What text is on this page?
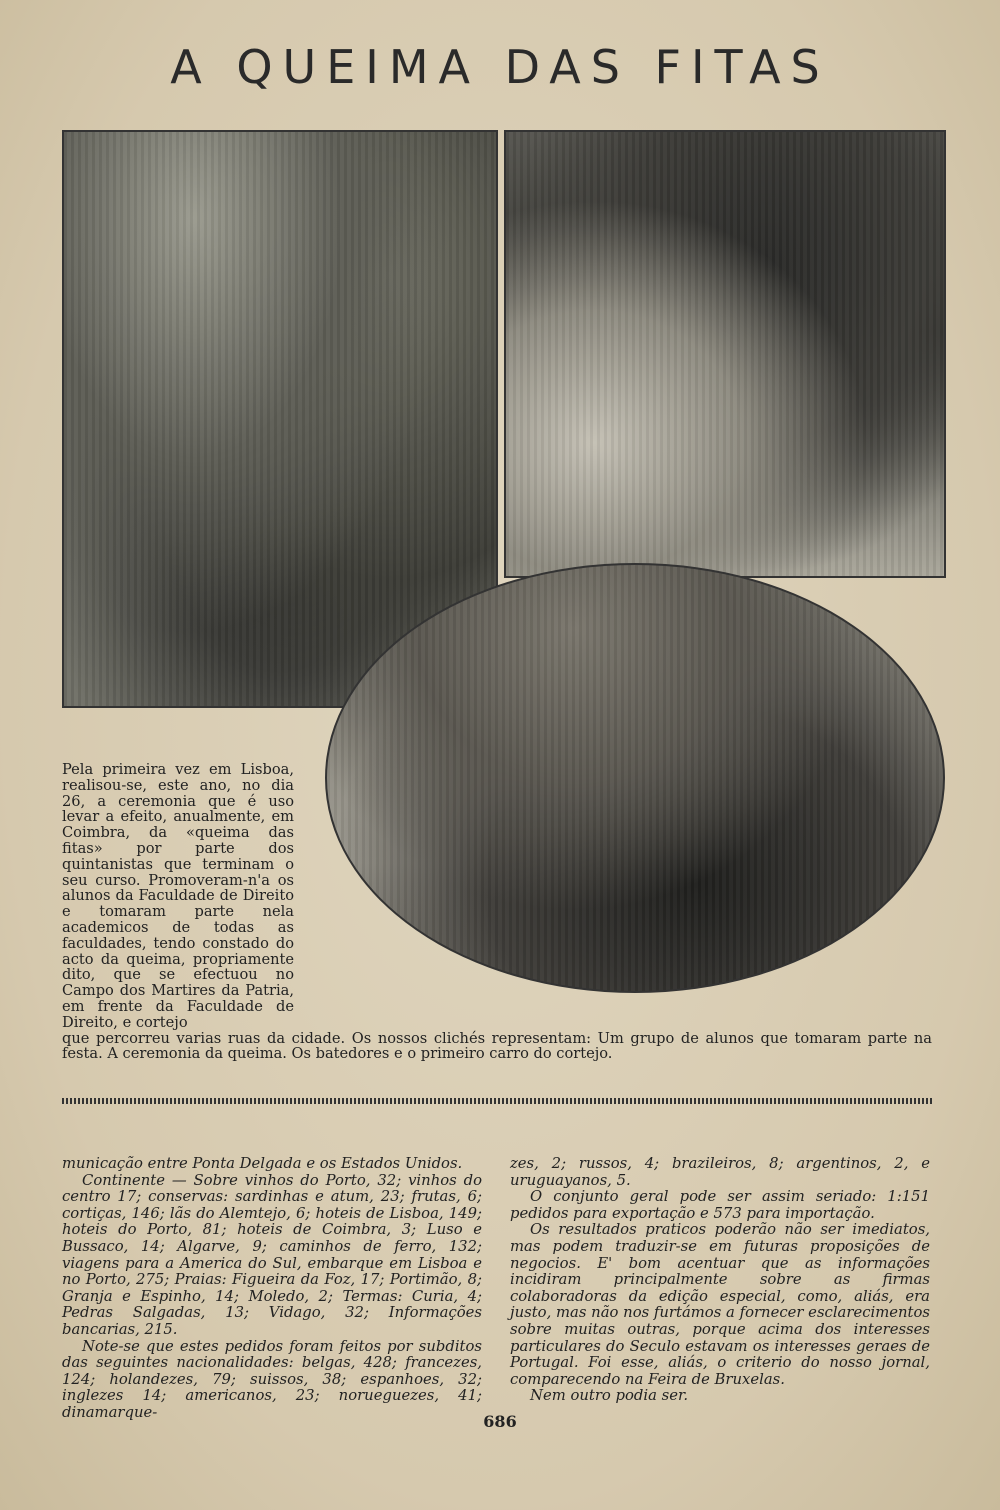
A QUEIMA DAS FITAS
Pela primeira vez em Lisboa, realisou-se, este ano, no dia 26, a ceremonia que é uso levar a efeito, anualmente, em Coimbra, da «queima das fitas» por parte dos quintanistas que terminam o seu curso. Promoveram-n'a os alunos da Faculdade de Direito e tomaram parte nela academicos de todas as faculdades, tendo constado do acto da queima, propriamente dito, que se efectuou no Campo dos Martires da Patria, em frente da Faculdade de Direito, e cortejo
que percorreu varias ruas da cidade. Os nossos clichés representam: Um grupo de alunos que tomaram parte na festa. A ceremonia da queima. Os batedores e o primeiro carro do cortejo.

municação entre Ponta Delgada e os Estados Unidos.

Continente — Sobre vinhos do Porto, 32; vinhos do centro 17; conservas: sardinhas e atum, 23; frutas, 6; cortiças, 146; lãs do Alemtejo, 6; hoteis de Lisboa, 149; hoteis do Porto, 81; hoteis de Coimbra, 3; Luso e Bussaco, 14; Algarve, 9; caminhos de ferro, 132; viagens para a America do Sul, embarque em Lisboa e no Porto, 275; Praias: Figueira da Foz, 17; Portimão, 8; Granja e Espinho, 14; Moledo, 2; Termas: Curia, 4; Pedras Salgadas, 13; Vidago, 32; Informações bancarias, 215.

Note-se que estes pedidos foram feitos por subditos das seguintes nacionalidades: belgas, 428; francezes, 124; holandezes, 79; suissos, 38; espanhoes, 32; inglezes 14; americanos, 23; norueguezes, 41; dinamarque-

zes, 2; russos, 4; brazileiros, 8; argentinos, 2, e uruguayanos, 5.

O conjunto geral pode ser assim seriado: 1:151 pedidos para exportação e 573 para importação.

Os resultados praticos poderão não ser imediatos, mas podem traduzir-se em futuras proposições de negocios. E' bom acentuar que as informações incidiram principalmente sobre as firmas colaboradoras da edição especial, como, aliás, era justo, mas não nos furtámos a fornecer esclarecimentos sobre muitas outras, porque acima dos interesses particulares do Seculo estavam os interesses geraes de Portugal. Foi esse, aliás, o criterio do nosso jornal, comparecendo na Feira de Bruxelas.

Nem outro podia ser.

686
